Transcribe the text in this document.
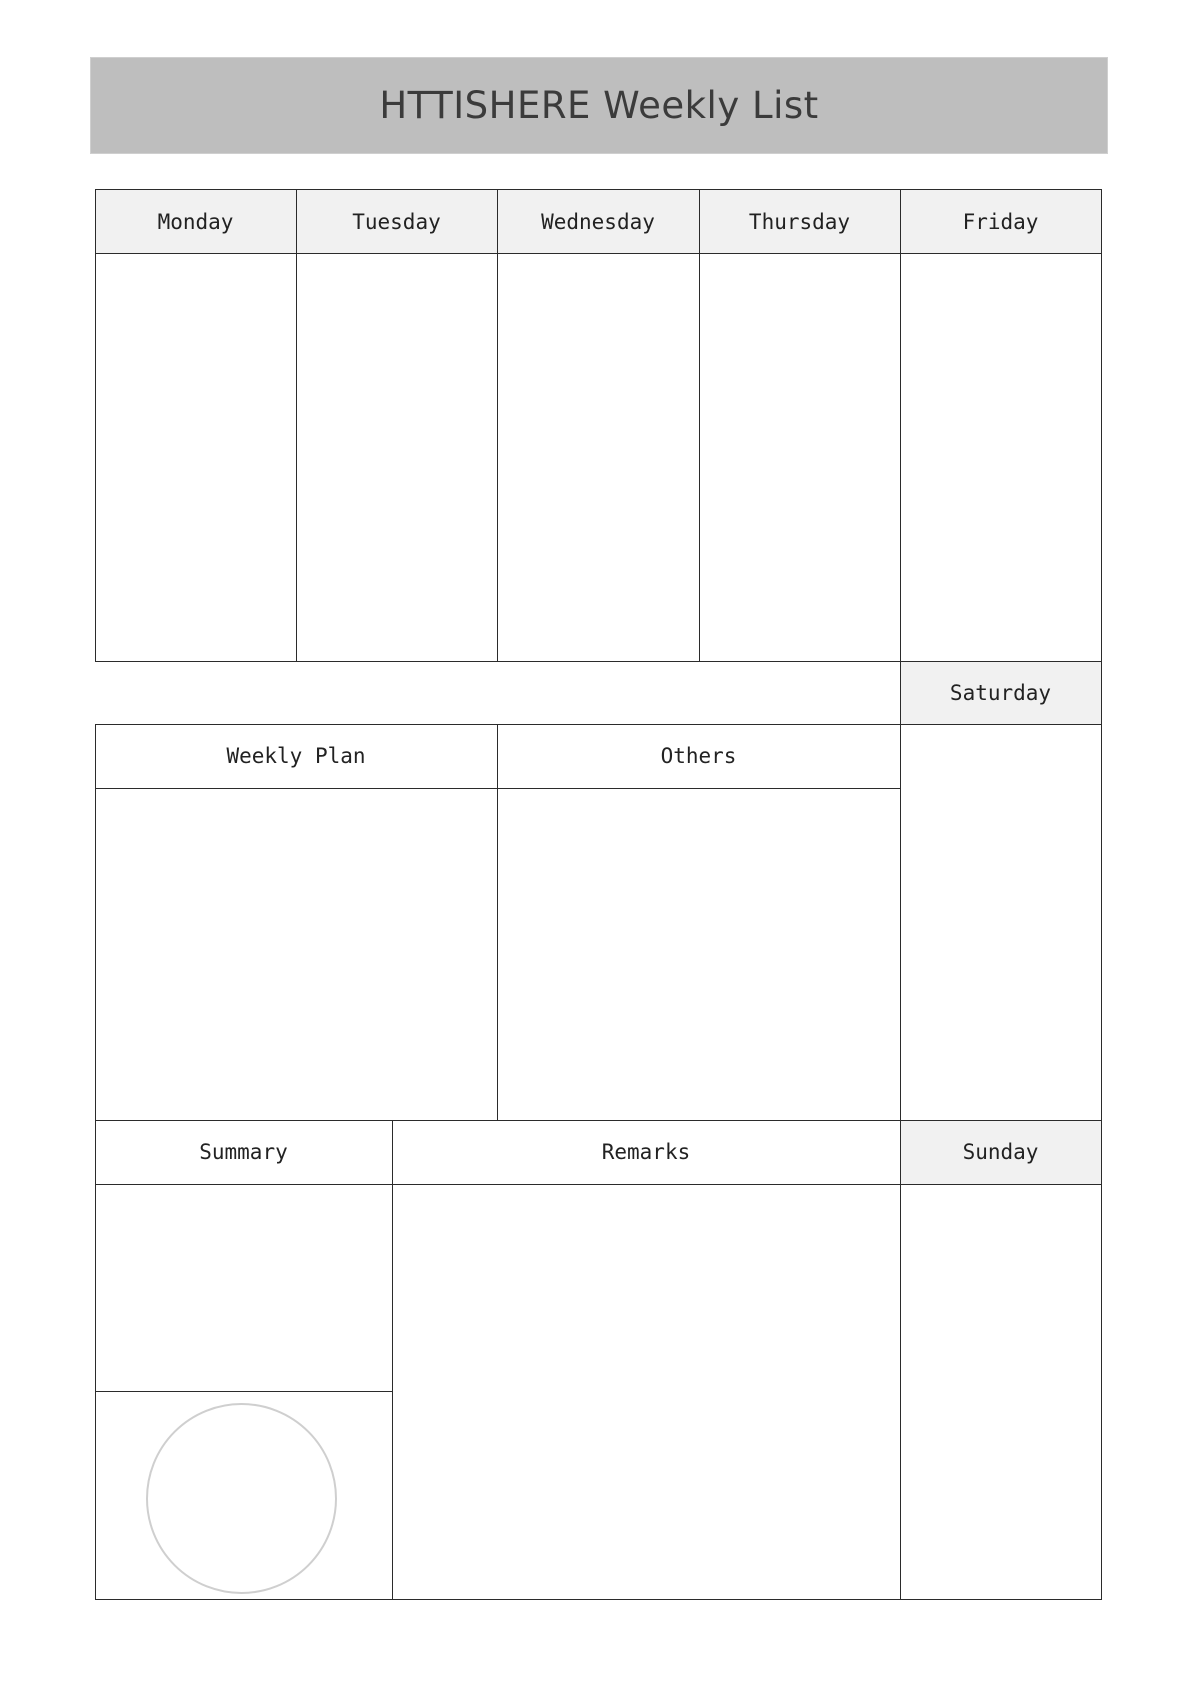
HTTISHERE Weekly List
Monday	Tuesday	Wednesday	Thursday	Friday
Saturday
Weekly Plan	Others
Summary	Remarks	Sunday
